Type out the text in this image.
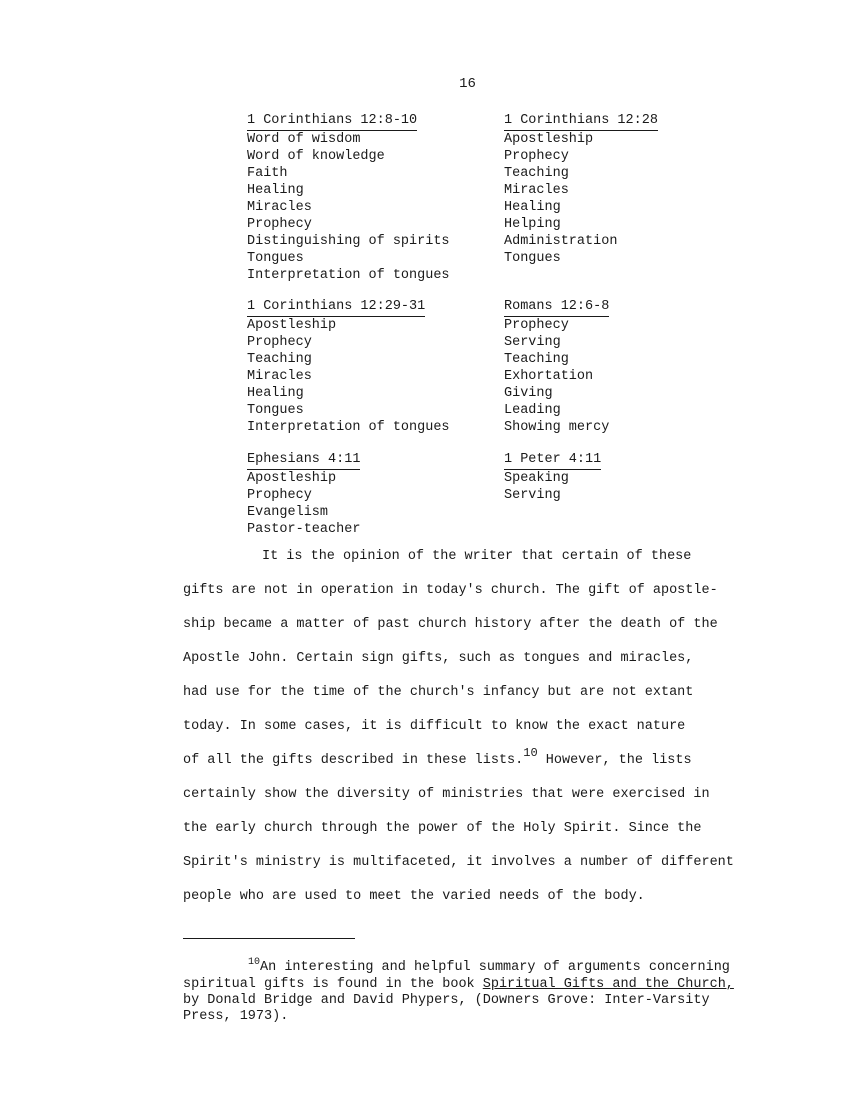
16
1 Corinthians 12:8-10
Word of wisdom
Word of knowledge
Faith
Healing
Miracles
Prophecy
Distinguishing of spirits
Tongues
Interpretation of tongues
1 Corinthians 12:28
Apostleship
Prophecy
Teaching
Miracles
Healing
Helping
Administration
Tongues
1 Corinthians 12:29-31
Apostleship
Prophecy
Teaching
Miracles
Healing
Tongues
Interpretation of tongues
Romans 12:6-8
Prophecy
Serving
Teaching
Exhortation
Giving
Leading
Showing mercy
Ephesians 4:11
Apostleship
Prophecy
Evangelism
Pastor-teacher
1 Peter 4:11
Speaking
Serving
It is the opinion of the writer that certain of these
gifts are not in operation in today's church. The gift of apostle-
ship became a matter of past church history after the death of the
Apostle John. Certain sign gifts, such as tongues and miracles,
had use for the time of the church's infancy but are not extant
today. In some cases, it is difficult to know the exact nature
of all the gifts described in these lists.10 However, the lists
certainly show the diversity of ministries that were exercised in
the early church through the power of the Holy Spirit. Since the
Spirit's ministry is multifaceted, it involves a number of different
people who are used to meet the varied needs of the body.
$^{10}$An interesting and helpful summary of arguments concerning
spiritual gifts is found in the book Spiritual Gifts and the Church,
by Donald Bridge and David Phypers, (Downers Grove: Inter-Varsity
Press, 1973).
